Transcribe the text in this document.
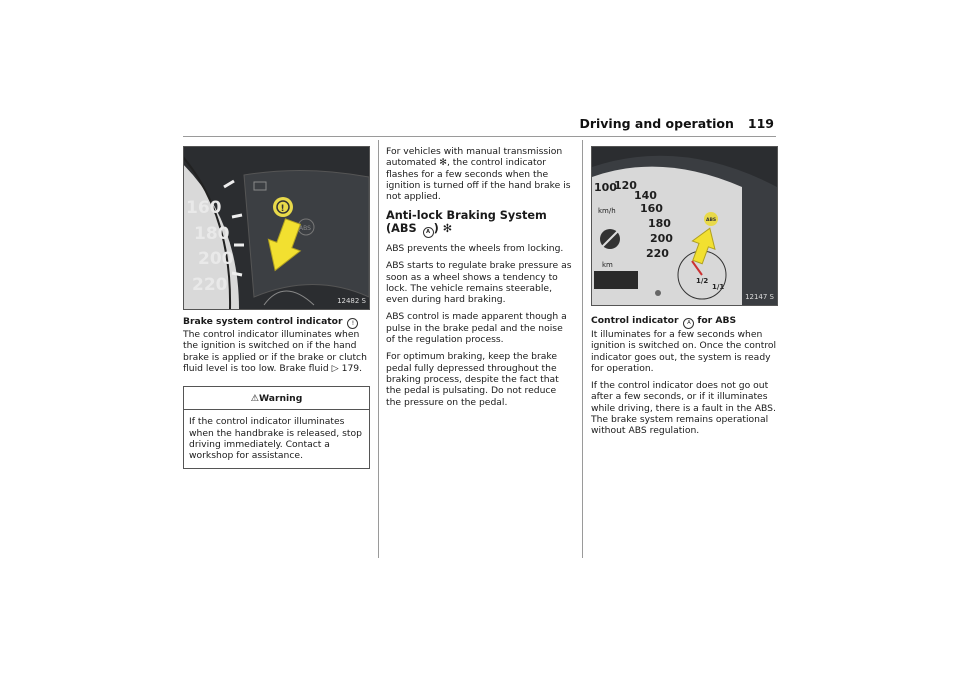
Driving and operation 119
160
180
200
220
!
ABS
12482 S

Brake system control indicator !
The control indicator illuminates when the ignition is switched on if the hand brake is applied or if the brake or clutch fluid level is too low. Brake fluid ▷ 179.

⚠Warning
If the control indicator illuminates when the handbrake is released, stop driving immediately. Contact a workshop for assistance.

For vehicles with manual transmission automated ✻, the control indicator flashes for a few seconds when the ignition is turned off if the hand brake is not applied.

Anti-lock Braking System
(ABS A ) ✻

ABS prevents the wheels from locking.

ABS starts to regulate brake pressure as soon as a wheel shows a tendency to lock. The vehicle remains steerable, even during hard braking.

ABS control is made apparent though a pulse in the brake pedal and the noise of the regulation process.

For optimum braking, keep the brake pedal fully depressed throughout the braking process, despite the fact that the pedal is pulsating. Do not reduce the pressure on the pedal.

100
120
140
160
180
200
220
km/h
km
1/2
1/1
ABS
12147 S

Control indicator A for ABS
It illuminates for a few seconds when ignition is switched on. Once the control indicator goes out, the system is ready for operation.

If the control indicator does not go out after a few seconds, or if it illuminates while driving, there is a fault in the ABS. The brake system remains operational without ABS regulation.
